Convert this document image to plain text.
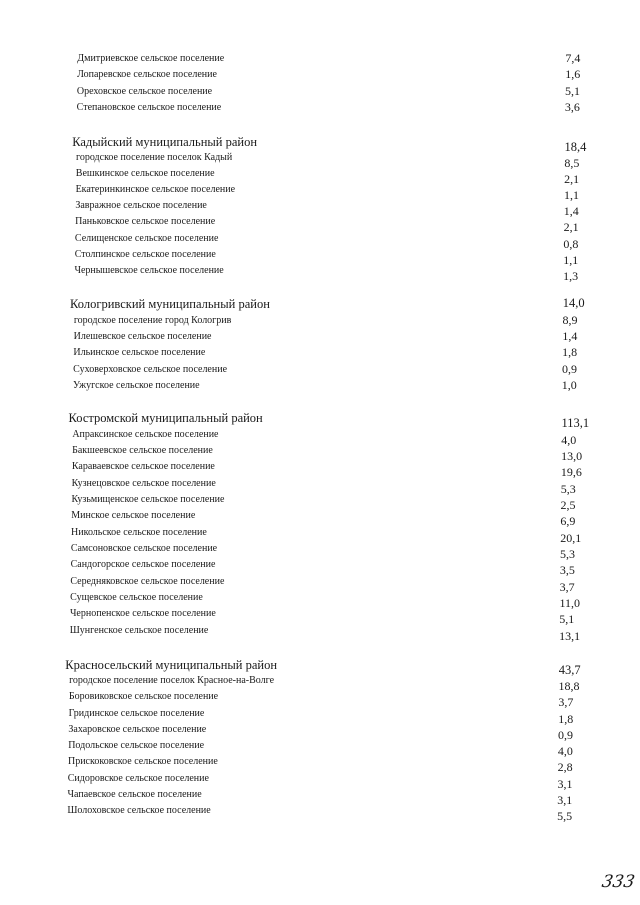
Дмитриевское сельское поселение	7,4
Лопаревское сельское поселение	1,6
Ореховское сельское поселение	5,1
Степановское сельское поселение	3,6
Кадыйский муниципальный район	18,4
городское поселение поселок Кадый	8,5
Вешкинское сельское поселение	2,1
Екатеринкинское сельское поселение	1,1
Завражное сельское поселение	1,4
Паньковское сельское поселение	2,1
Селищенское сельское поселение	0,8
Столпинское сельское поселение	1,1
Чернышевское сельское поселение	1,3
Кологривский муниципальный район	14,0
городское поселение город Кологрив	8,9
Илешевское сельское поселение	1,4
Ильинское сельское поселение	1,8
Суховерховское сельское поселение	0,9
Ужугское сельское поселение	1,0
Костромской муниципальный район	113,1
Апраксинское сельское поселение	4,0
Бакшеевское сельское поселение	13,0
Караваевское сельское поселение	19,6
Кузнецовское сельское поселение	5,3
Кузьмищенское сельское поселение	2,5
Минское сельское поселение	6,9
Никольское сельское поселение	20,1
Самсоновское сельское поселение	5,3
Сандогорское сельское поселение	3,5
Середняковское сельское поселение	3,7
Сущевское сельское поселение	11,0
Чернопенское сельское поселение	5,1
Шунгенское сельское поселение	13,1
Красносельский муниципальный район	43,7
городское поселение поселок Красное-на-Волге	18,8
Боровиковское сельское поселение	3,7
Гридинское сельское поселение	1,8
Захаровское сельское поселение	0,9
Подольское сельское поселение	4,0
Прискоковское сельское поселение	2,8
Сидоровское сельское поселение	3,1
Чапаевское сельское поселение	3,1
Шолоховское сельское поселение	5,5
333
